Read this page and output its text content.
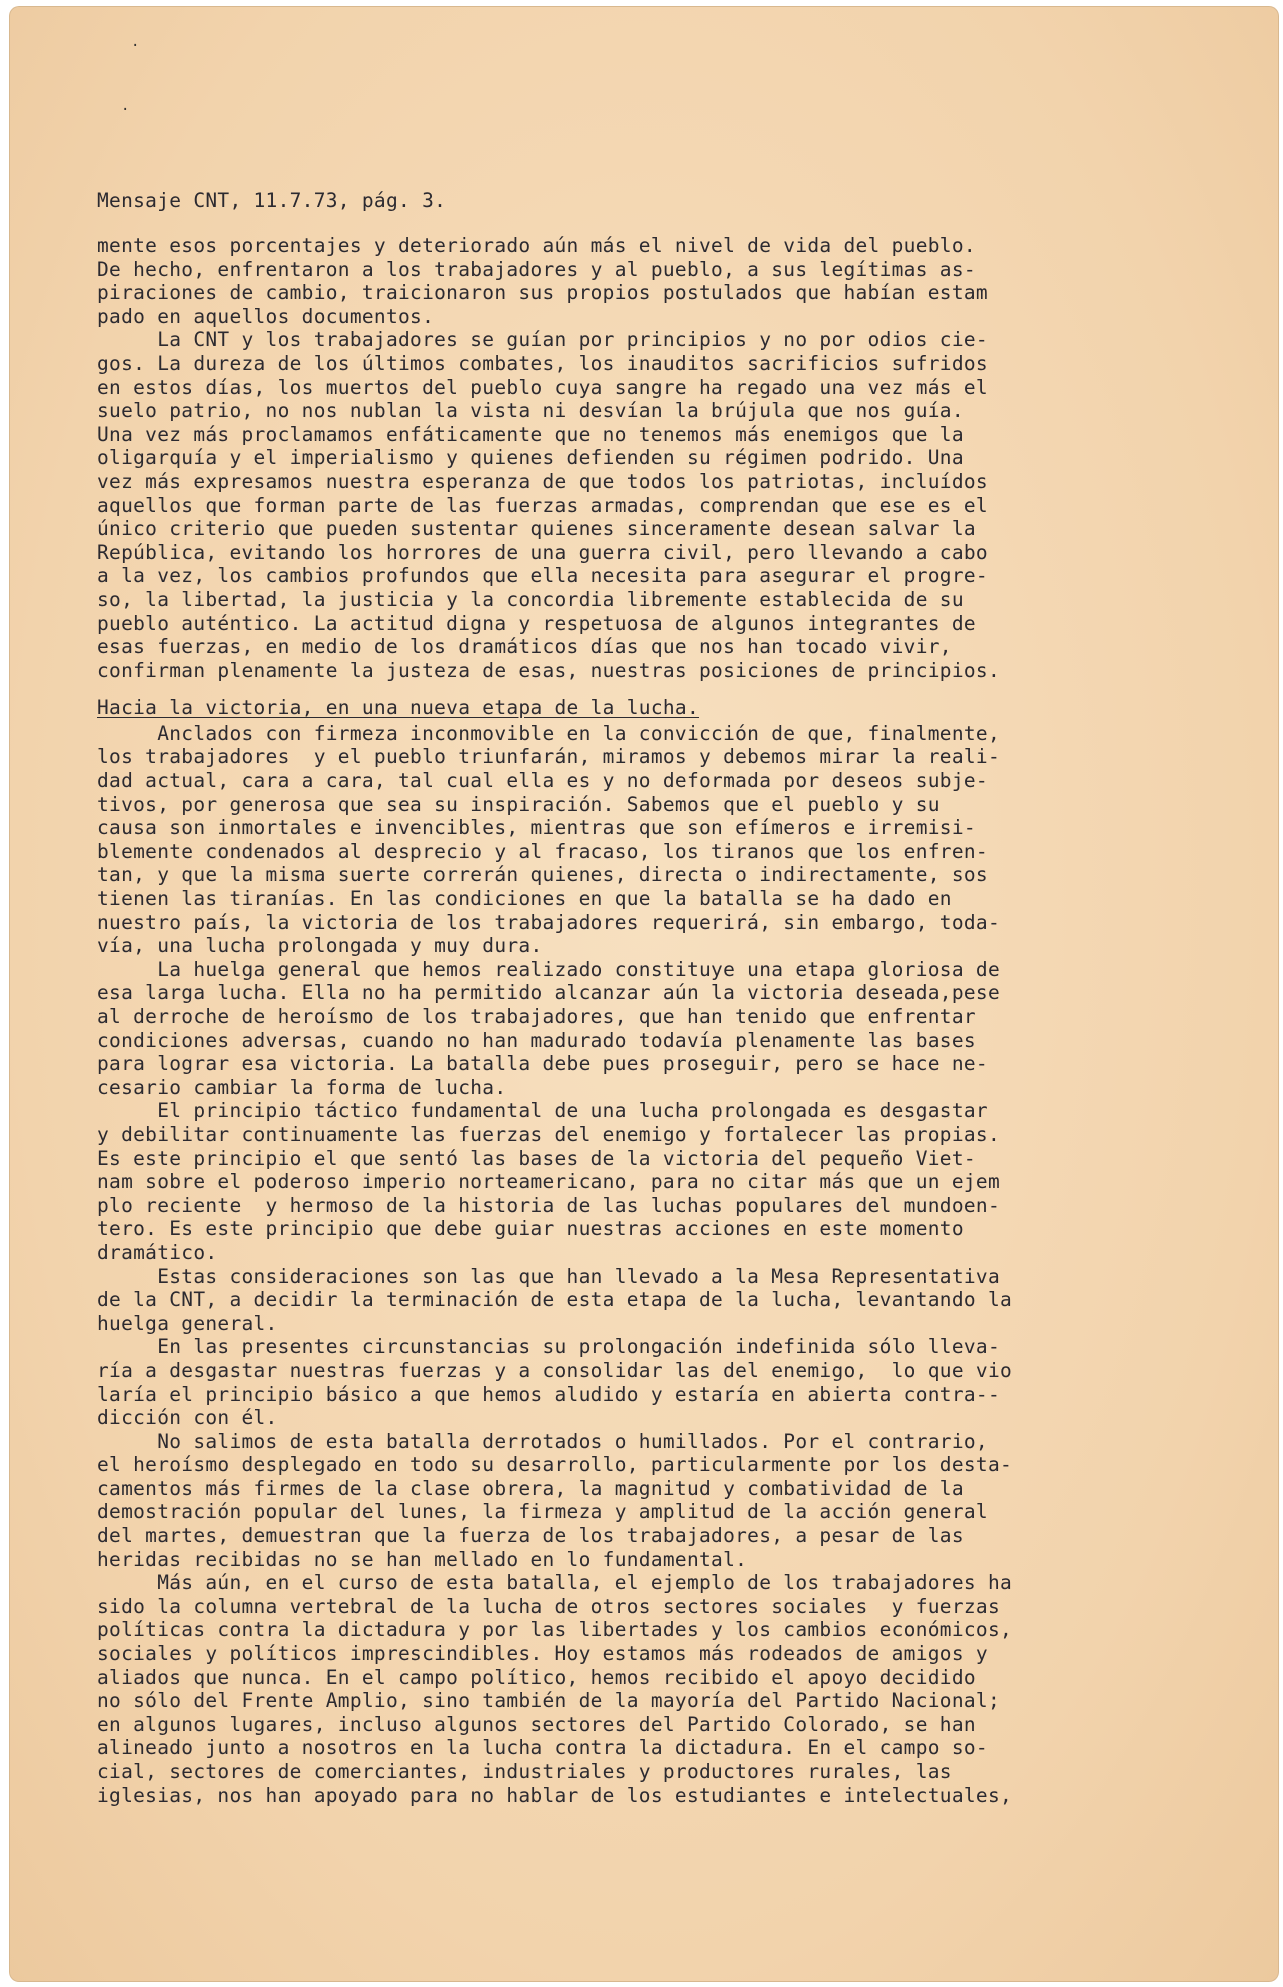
·
·
Mensaje CNT, 11.7.73, pág. 3.
mente esos porcentajes y deteriorado aún más el nivel de vida del pueblo.
De hecho, enfrentaron a los trabajadores y al pueblo, a sus legítimas as-
piraciones de cambio, traicionaron sus propios postulados que habían estam
pado en aquellos documentos.
La CNT y los trabajadores se guían por principios y no por odios cie-
gos. La dureza de los últimos combates, los inauditos sacrificios sufridos
en estos días, los muertos del pueblo cuya sangre ha regado una vez más el
suelo patrio, no nos nublan la vista ni desvían la brújula que nos guía.
Una vez más proclamamos enfáticamente que no tenemos más enemigos que la
oligarquía y el imperialismo y quienes defienden su régimen podrido. Una
vez más expresamos nuestra esperanza de que todos los patriotas, incluídos
aquellos que forman parte de las fuerzas armadas, comprendan que ese es el
único criterio que pueden sustentar quienes sinceramente desean salvar la
República, evitando los horrores de una guerra civil, pero llevando a cabo
a la vez, los cambios profundos que ella necesita para asegurar el progre-
so, la libertad, la justicia y la concordia libremente establecida de su
pueblo auténtico. La actitud digna y respetuosa de algunos integrantes de
esas fuerzas, en medio de los dramáticos días que nos han tocado vivir,
confirman plenamente la justeza de esas, nuestras posiciones de principios.
Hacia la victoria, en una nueva etapa de la lucha.
Anclados con firmeza inconmovible en la convicción de que, finalmente,
los trabajadores  y el pueblo triunfarán, miramos y debemos mirar la reali-
dad actual, cara a cara, tal cual ella es y no deformada por deseos subje-
tivos, por generosa que sea su inspiración. Sabemos que el pueblo y su
causa son inmortales e invencibles, mientras que son efímeros e irremisi-
blemente condenados al desprecio y al fracaso, los tiranos que los enfren-
tan, y que la misma suerte correrán quienes, directa o indirectamente, sos
tienen las tiranías. En las condiciones en que la batalla se ha dado en
nuestro país, la victoria de los trabajadores requerirá, sin embargo, toda-
vía, una lucha prolongada y muy dura.
La huelga general que hemos realizado constituye una etapa gloriosa de
esa larga lucha. Ella no ha permitido alcanzar aún la victoria deseada,pese
al derroche de heroísmo de los trabajadores, que han tenido que enfrentar
condiciones adversas, cuando no han madurado todavía plenamente las bases
para lograr esa victoria. La batalla debe pues proseguir, pero se hace ne-
cesario cambiar la forma de lucha.
El principio táctico fundamental de una lucha prolongada es desgastar
y debilitar continuamente las fuerzas del enemigo y fortalecer las propias.
Es este principio el que sentó las bases de la victoria del pequeño Viet-
nam sobre el poderoso imperio norteamericano, para no citar más que un ejem
plo reciente  y hermoso de la historia de las luchas populares del mundoen-
tero. Es este principio que debe guiar nuestras acciones en este momento
dramático.
Estas consideraciones son las que han llevado a la Mesa Representativa
de la CNT, a decidir la terminación de esta etapa de la lucha, levantando la
huelga general.
En las presentes circunstancias su prolongación indefinida sólo lleva-
ría a desgastar nuestras fuerzas y a consolidar las del enemigo,  lo que vio
laría el principio básico a que hemos aludido y estaría en abierta contra--
dicción con él.
No salimos de esta batalla derrotados o humillados. Por el contrario,
el heroísmo desplegado en todo su desarrollo, particularmente por los desta-
camentos más firmes de la clase obrera, la magnitud y combatividad de la
demostración popular del lunes, la firmeza y amplitud de la acción general
del martes, demuestran que la fuerza de los trabajadores, a pesar de las
heridas recibidas no se han mellado en lo fundamental.
Más aún, en el curso de esta batalla, el ejemplo de los trabajadores ha
sido la columna vertebral de la lucha de otros sectores sociales  y fuerzas
políticas contra la dictadura y por las libertades y los cambios económicos,
sociales y políticos imprescindibles. Hoy estamos más rodeados de amigos y
aliados que nunca. En el campo político, hemos recibido el apoyo decidido
no sólo del Frente Amplio, sino también de la mayoría del Partido Nacional;
en algunos lugares, incluso algunos sectores del Partido Colorado, se han
alineado junto a nosotros en la lucha contra la dictadura. En el campo so-
cial, sectores de comerciantes, industriales y productores rurales, las
iglesias, nos han apoyado para no hablar de los estudiantes e intelectuales,
